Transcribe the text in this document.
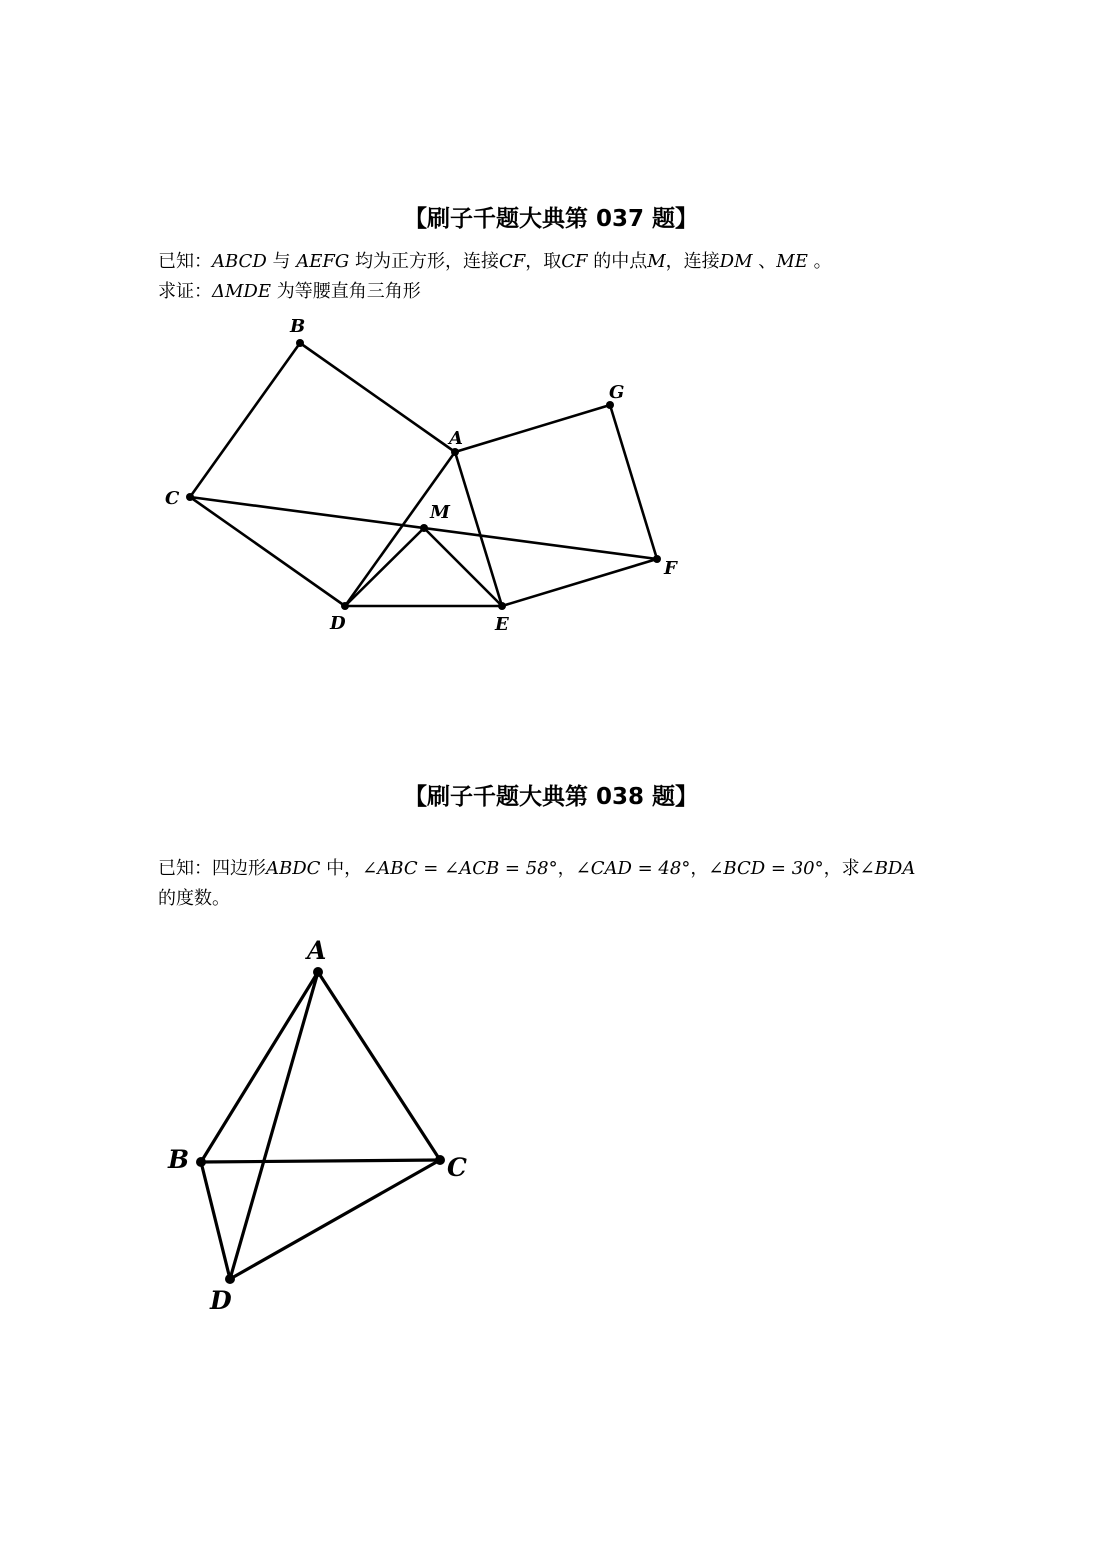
【刷子千题大典第 037 题】
已知：ABCD 与 AEFG 均为正方形，连接CF，取CF 的中点M，连接DM 、ME 。
求证：ΔMDE 为等腰直角三角形
B
G
A
C
M
F
D	E
【刷子千题大典第 038 题】
已知：四边形ABDC 中，∠ABC = ∠ACB = 58°，∠CAD = 48°，∠BCD = 30°，求∠BDA
的度数。
A
B	C
D
